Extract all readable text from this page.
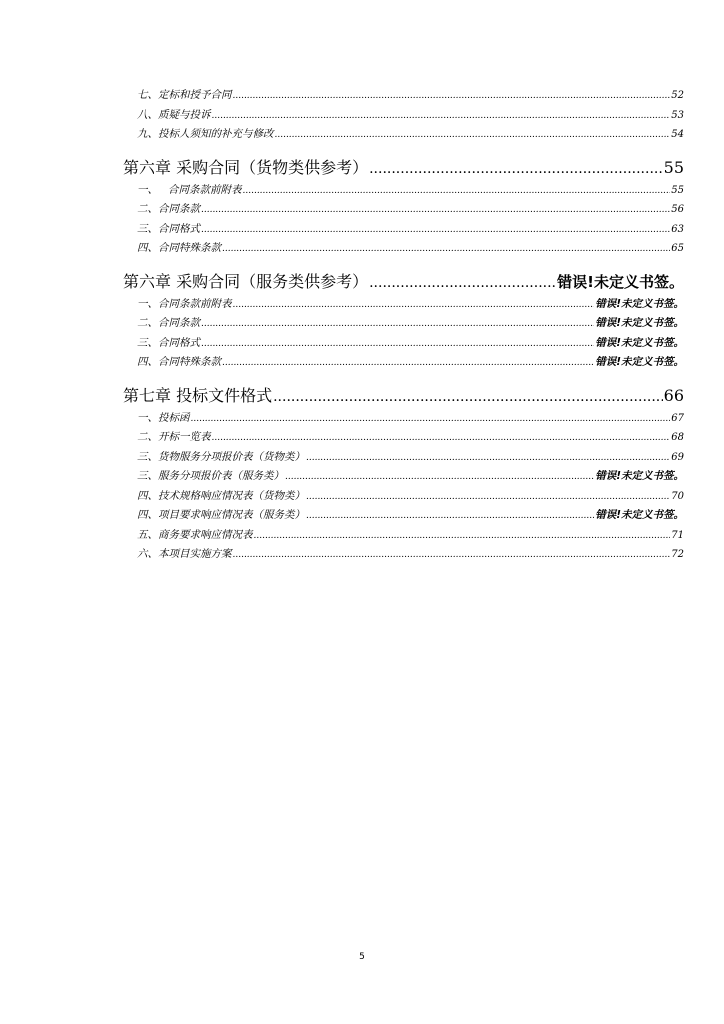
七、定标和授予合同 .....	52
八、质疑与投诉 .....	53
九、投标人须知的补充与修改 .....	54
第六章 采购合同（货物类供参考） .....	55
一、   合同条款前附表 .....	55
二、合同条款 .....	56
三、合同格式 .....	63
四、合同特殊条款 .....	65
第六章 采购合同（服务类供参考） .....	错误!未定义书签。
一、合同条款前附表 .....	错误!未定义书签。
二、合同条款 .....	错误!未定义书签。
三、合同格式 .....	错误!未定义书签。
四、合同特殊条款 .....	错误!未定义书签。
第七章 投标文件格式 .....	66
一、投标函 .....	67
二、开标一览表 .....	68
三、货物服务分项报价表（货物类） .....	69
三、服务分项报价表（服务类） .....	错误!未定义书签。
四、技术规格响应情况表（货物类） .....	70
四、项目要求响应情况表（服务类） .....	错误!未定义书签。
五、商务要求响应情况表 .....	71
六、本项目实施方案 .....	72
5
